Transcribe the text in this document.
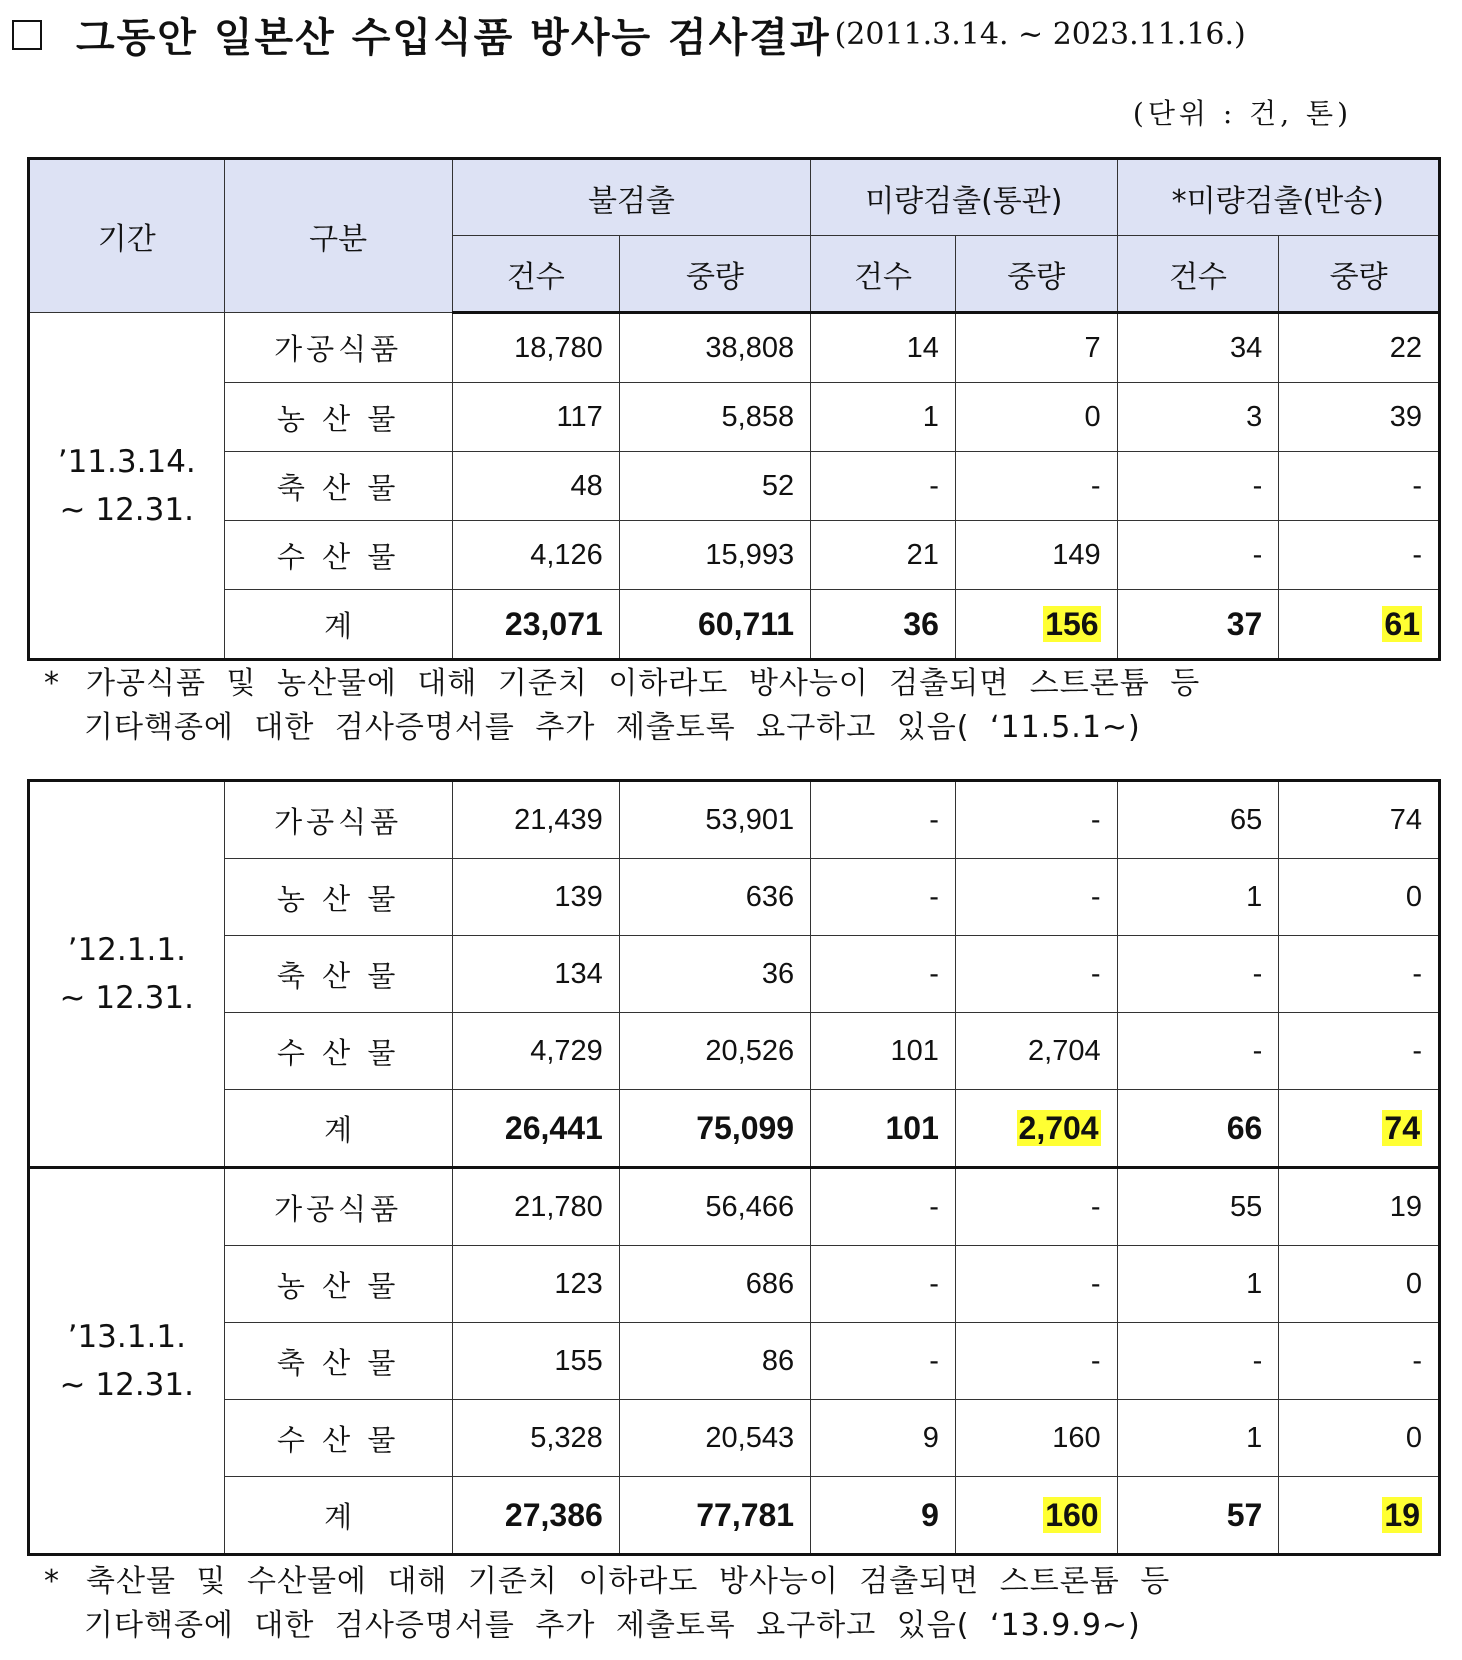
그동안 일본산 수입식품 방사능 검사결과 (2011.3.14. ~ 2023.11.16.)
(단위 : 건, 톤)
기간	구분	불검출		미량검출(통관)		*미량검출(반송)	
		건수	중량	건수	중량	건수	중량

’11.3.14.
~ 12.31.	가공식품	18,780	38,808	14	7	34	22
	농 산 물	117	5,858	1	0	3	39
	축 산 물	48	52	-	-	-	-
	수 산 물	4,126	15,993	21	149	-	-
	계	23,071	60,711	36	156	37	61
* 가공식품 및 농산물에 대해 기준치 이하라도 방사능이 검출되면 스트론튬 등
기타핵종에 대한 검사증명서를 추가 제출토록 요구하고 있음( ‘11.5.1~)
’12.1.1.
~ 12.31.	가공식품	21,439	53,901	-	-	65	74
	농 산 물	139	636	-	-	1	0
	축 산 물	134	36	-	-	-	-
	수 산 물	4,729	20,526	101	2,704	-	-
	계	26,441	75,099	101	2,704	66	74

’13.1.1.
~ 12.31.	가공식품	21,780	56,466	-	-	55	19
	농 산 물	123	686	-	-	1	0
	축 산 물	155	86	-	-	-	-
	수 산 물	5,328	20,543	9	160	1	0
	계	27,386	77,781	9	160	57	19
* 축산물 및 수산물에 대해 기준치 이하라도 방사능이 검출되면 스트론튬 등
기타핵종에 대한 검사증명서를 추가 제출토록 요구하고 있음( ‘13.9.9~)
